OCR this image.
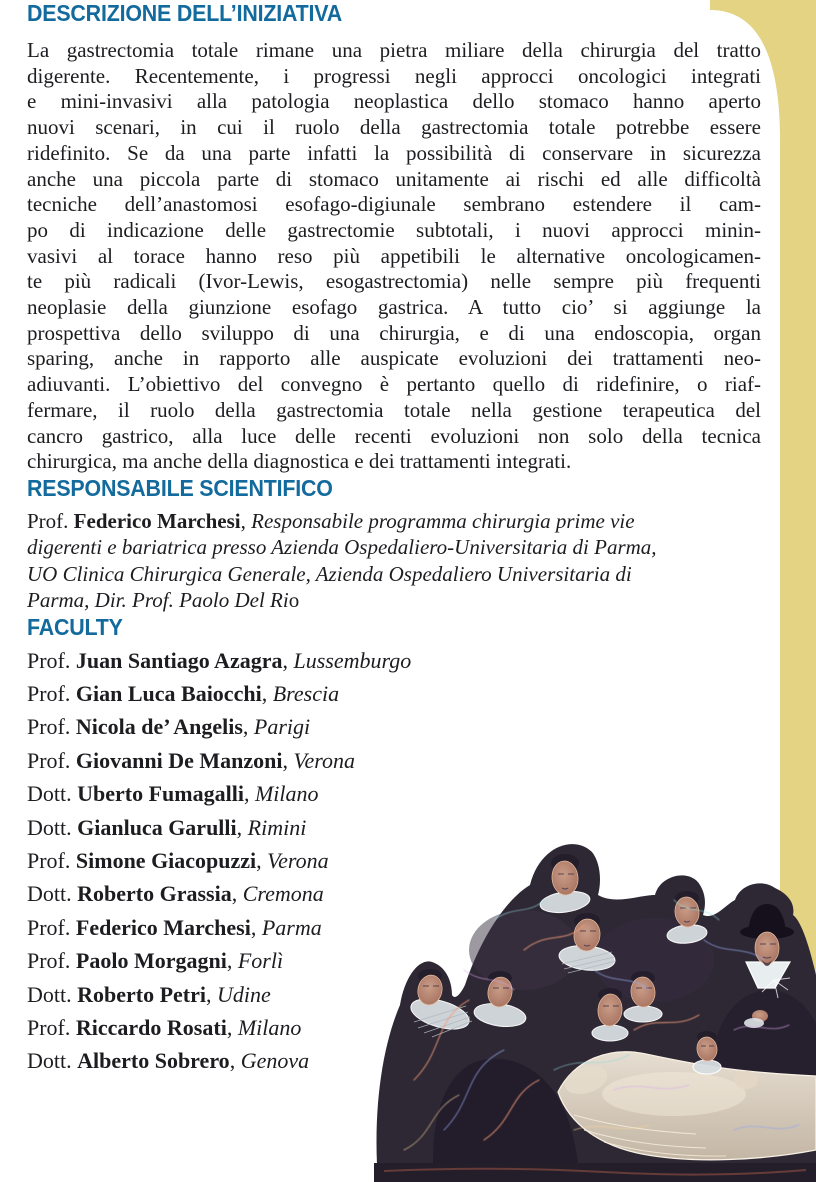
DESCRIZIONE DELL’INIZIATIVA
La gastrectomia totale rimane una pietra miliare della chirurgia del tratto
digerente. Recentemente, i progressi negli approcci oncologici integrati
e mini-invasivi alla patologia neoplastica dello stomaco hanno aperto
nuovi scenari, in cui il ruolo della gastrectomia totale potrebbe essere
ridefinito. Se da una parte infatti la possibilità di conservare in sicurezza
anche una piccola parte di stomaco unitamente ai rischi ed alle difficoltà
tecniche dell’anastomosi esofago-digiunale sembrano estendere il cam-
po di indicazione delle gastrectomie subtotali, i nuovi approcci minin-
vasivi al torace hanno reso più appetibili le alternative oncologicamen-
te più radicali (Ivor-Lewis, esogastrectomia) nelle sempre più frequenti
neoplasie della giunzione esofago gastrica. A tutto cio’ si aggiunge la
prospettiva dello sviluppo di una chirurgia, e di una endoscopia, organ
sparing, anche in rapporto alle auspicate evoluzioni dei trattamenti neo-
adiuvanti. L’obiettivo del convegno è pertanto quello di ridefinire, o riaf-
fermare, il ruolo della gastrectomia totale nella gestione terapeutica del
cancro gastrico, alla luce delle recenti evoluzioni non solo della tecnica
chirurgica, ma anche della diagnostica e dei trattamenti integrati.
RESPONSABILE SCIENTIFICO
Prof. Federico Marchesi, Responsabile programma chirurgia prime vie
digerenti e bariatrica presso Azienda Ospedaliero-Universitaria di Parma,
UO Clinica Chirurgica Generale, Azienda Ospedaliero Universitaria di
Parma, Dir. Prof. Paolo Del Rio
FACULTY
Prof. Juan Santiago Azagra, Lussemburgo
Prof. Gian Luca Baiocchi, Brescia
Prof. Nicola de’ Angelis, Parigi
Prof. Giovanni De Manzoni, Verona
Dott. Uberto Fumagalli, Milano
Dott. Gianluca Garulli, Rimini
Prof. Simone Giacopuzzi, Verona
Dott. Roberto Grassia, Cremona
Prof. Federico Marchesi, Parma
Prof. Paolo Morgagni, Forlì
Dott. Roberto Petri, Udine
Prof. Riccardo Rosati, Milano
Dott. Alberto Sobrero, Genova
